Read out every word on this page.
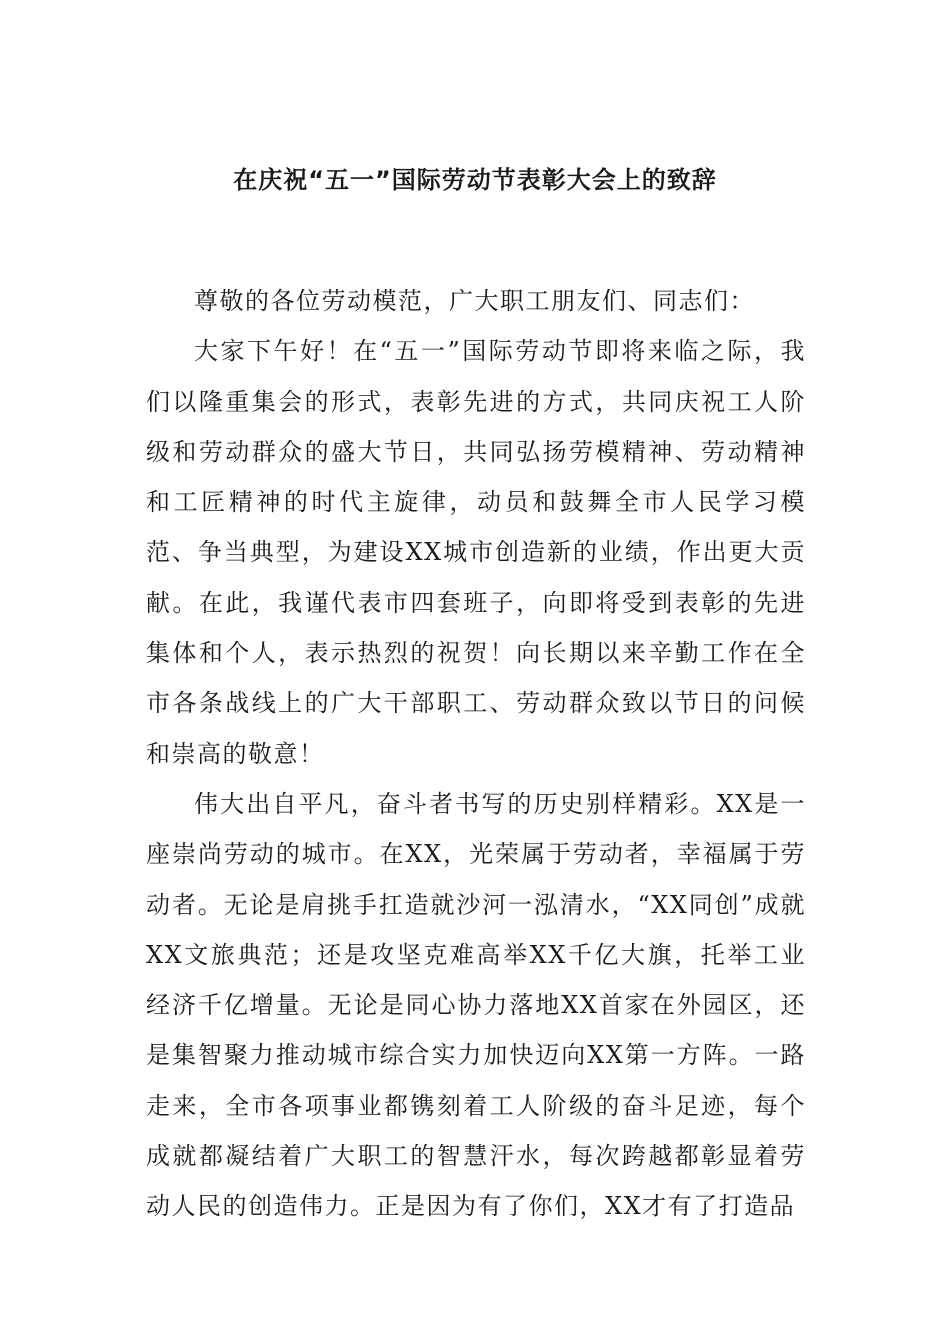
在庆祝“五一”国际劳动节表彰大会上的致辞

尊敬的各位劳动模范，广大职工朋友们、同志们：

大家下午好！在“五一”国际劳动节即将来临之际，我们以隆重集会的形式，表彰先进的方式，共同庆祝工人阶级和劳动群众的盛大节日，共同弘扬劳模精神、劳动精神和工匠精神的时代主旋律，动员和鼓舞全市人民学习模范、争当典型，为建设XX城市创造新的业绩，作出更大贡献。在此，我谨代表市四套班子，向即将受到表彰的先进集体和个人，表示热烈的祝贺！向长期以来辛勤工作在全市各条战线上的广大干部职工、劳动群众致以节日的问候和崇高的敬意！

伟大出自平凡，奋斗者书写的历史别样精彩。XX是一座崇尚劳动的城市。在XX，光荣属于劳动者，幸福属于劳动者。无论是肩挑手扛造就沙河一泓清水，“XX同创”成就XX文旅典范；还是攻坚克难高举XX千亿大旗，托举工业经济千亿增量。无论是同心协力落地XX首家在外园区，还是集智聚力推动城市综合实力加快迈向XX第一方阵。一路走来，全市各项事业都镌刻着工人阶级的奋斗足迹，每个成就都凝结着广大职工的智慧汗水，每次跨越都彰显着劳动人民的创造伟力。正是因为有了你们，XX才有了打造品
